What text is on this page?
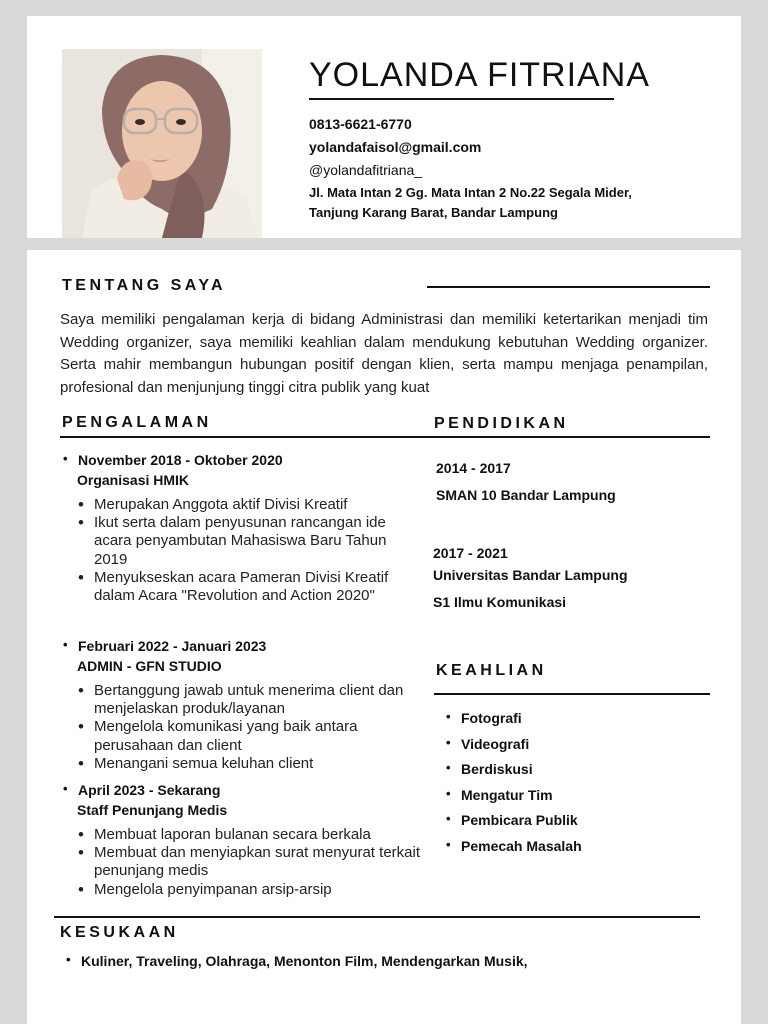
YOLANDA FITRIANA
0813-6621-6770
yolandafaisol@gmail.com
@yolandafitriana_
Jl. Mata Intan 2 Gg. Mata Intan 2 No.22 Segala Mider,
Tanjung Karang Barat, Bandar Lampung
TENTANG SAYA

Saya memiliki pengalaman kerja di bidang Administrasi dan memiliki ketertarikan menjadi tim Wedding organizer, saya memiliki keahlian dalam mendukung kebutuhan Wedding organizer. Serta mahir membangun hubungan positif dengan klien, serta mampu menjaga penampilan, profesional dan menjunjung tinggi citra publik yang kuat

PENGALAMAN
• November 2018 - Oktober 2020
Organisasi HMIK
• Merupakan Anggota aktif Divisi Kreatif
• Ikut serta dalam penyusunan rancangan ide acara penyambutan Mahasiswa Baru Tahun 2019
• Menyukseskan acara Pameran Divisi Kreatif dalam Acara "Revolution and Action 2020"
• Februari 2022 - Januari 2023
ADMIN - GFN STUDIO
• Bertanggung jawab untuk menerima client dan menjelaskan produk/layanan
• Mengelola komunikasi yang baik antara perusahaan dan client
• Menangani semua keluhan client
• April 2023 - Sekarang
Staff Penunjang Medis
• Membuat laporan bulanan secara berkala
• Membuat dan menyiapkan surat menyurat terkait penunjang medis
• Mengelola penyimpanan arsip-arsip
PENDIDIKAN
2014 - 2017
SMAN 10 Bandar Lampung
2017 - 2021
Universitas Bandar Lampung
S1 Ilmu Komunikasi
KEAHLIAN
• Fotografi
• Videografi
• Berdiskusi
• Mengatur Tim
• Pembicara Publik
• Pemecah Masalah
KESUKAAN
• Kuliner, Traveling, Olahraga, Menonton Film, Mendengarkan Musik,
